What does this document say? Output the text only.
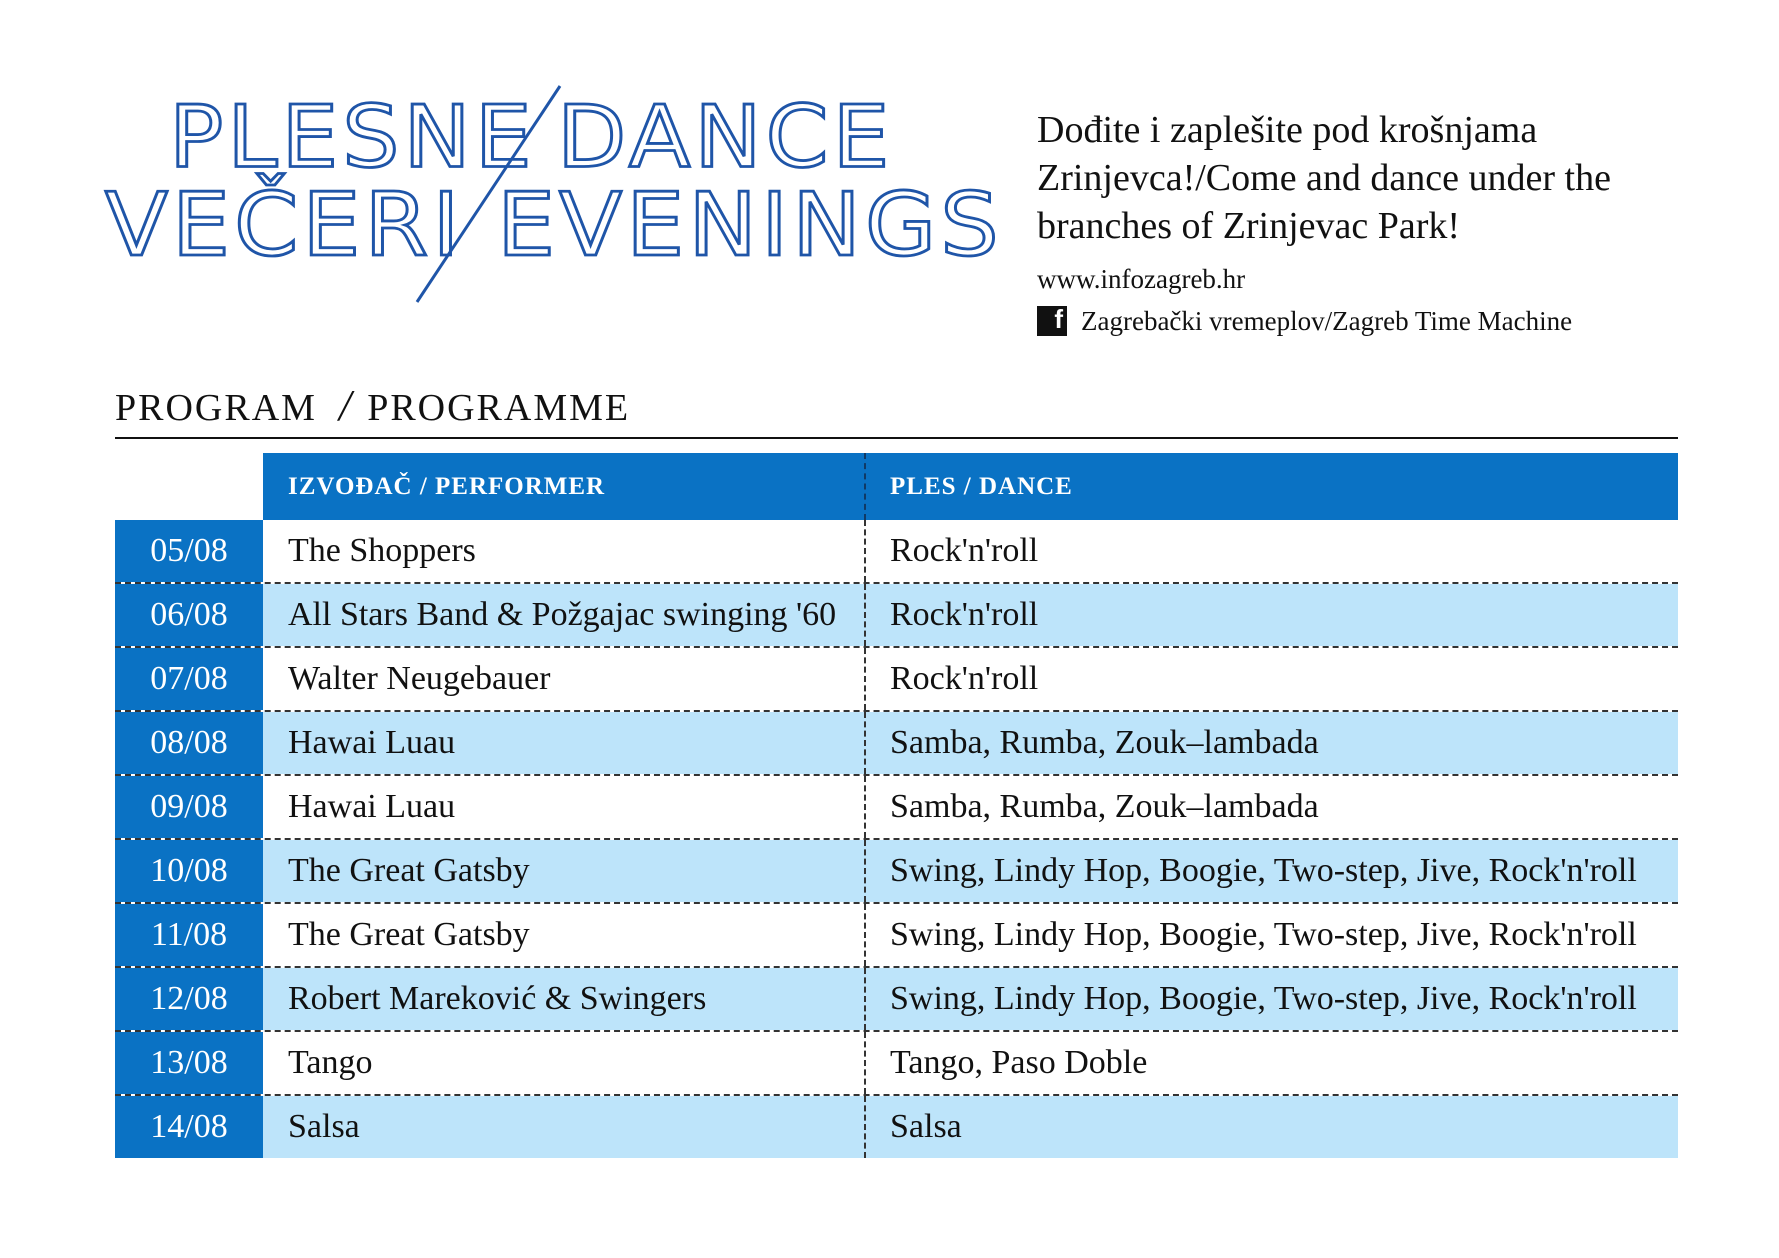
PLESNE DANCE
VEČERI EVENINGS

Dođite i zaplešite pod krošnjama Zrinjevca!/Come and dance under the branches of Zrinjevac Park!

www.infozagreb.hr
f Zagrebački vremeplov/Zagreb Time Machine
PROGRAM / PROGRAMME
IZVOĐAČ / PERFORMER	PLES / DANCE
05/08	The Shoppers	Rock'n'roll
06/08	All Stars Band & Požgajac swinging '60	Rock'n'roll
07/08	Walter Neugebauer	Rock'n'roll
08/08	Hawai Luau	Samba, Rumba, Zouk–lambada
09/08	Hawai Luau	Samba, Rumba, Zouk–lambada
10/08	The Great Gatsby	Swing, Lindy Hop, Boogie, Two-step, Jive, Rock'n'roll
11/08	The Great Gatsby	Swing, Lindy Hop, Boogie, Two-step, Jive, Rock'n'roll
12/08	Robert Mareković & Swingers	Swing, Lindy Hop, Boogie, Two-step, Jive, Rock'n'roll
13/08	Tango	Tango, Paso Doble
14/08	Salsa	Salsa
